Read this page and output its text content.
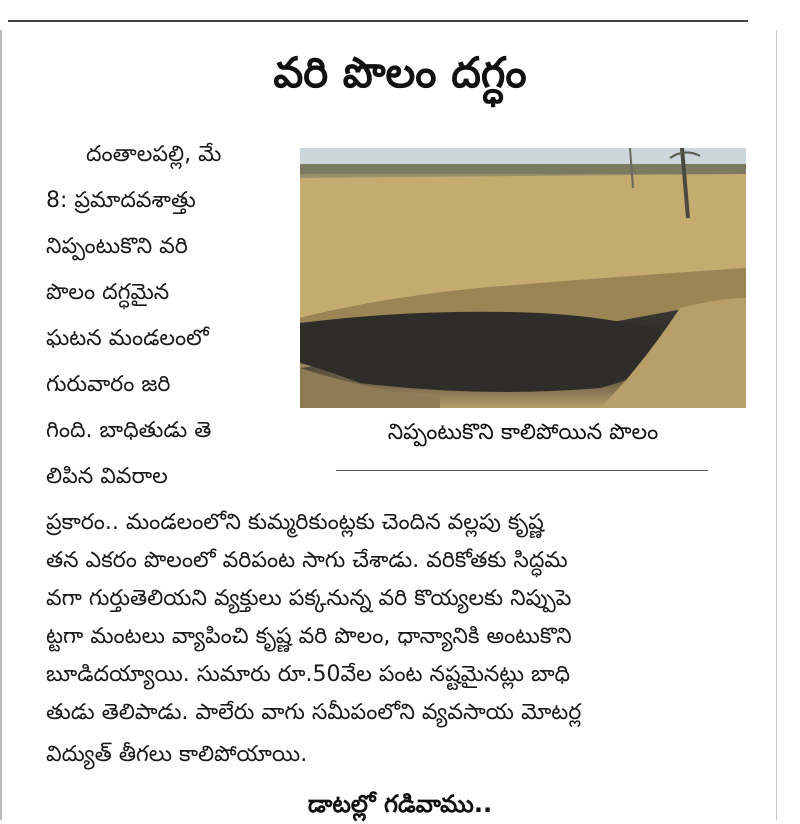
వరి పొలం దగ్ధం
నిప్పంటుకొని కాలిపోయిన పొలం
దంతాలపల్లి, మే
8: ప్రమాదవశాత్తు
నిప్పంటుకొని వరి
పొలం దగ్ధమైన
ఘటన మండలంలో
గురువారం జరి
గింది. బాధితుడు తె
లిపిన వివరాల
ప్రకారం.. మండలంలోని కుమ్మరికుంట్లకు చెందిన వల్లపు కృష్ణ
తన ఎకరం పొలంలో వరిపంట సాగు చేశాడు. వరికోతకు సిద్ధమ
వగా గుర్తుతెలియని వ్యక్తులు పక్కనున్న వరి కొయ్యలకు నిప్పుపె
ట్టగా మంటలు వ్యాపించి కృష్ణ వరి పొలం, ధాన్యానికి అంటుకొని
బూడిదయ్యాయి. సుమారు రూ.50వేల పంట నష్టమైనట్లు బాధి
తుడు తెలిపాడు. పాలేరు వాగు సమీపంలోని వ్యవసాయ మోటర్ల
విద్యుత్ తీగలు కాలిపోయాయి.
డాటల్లో గడివాము..
